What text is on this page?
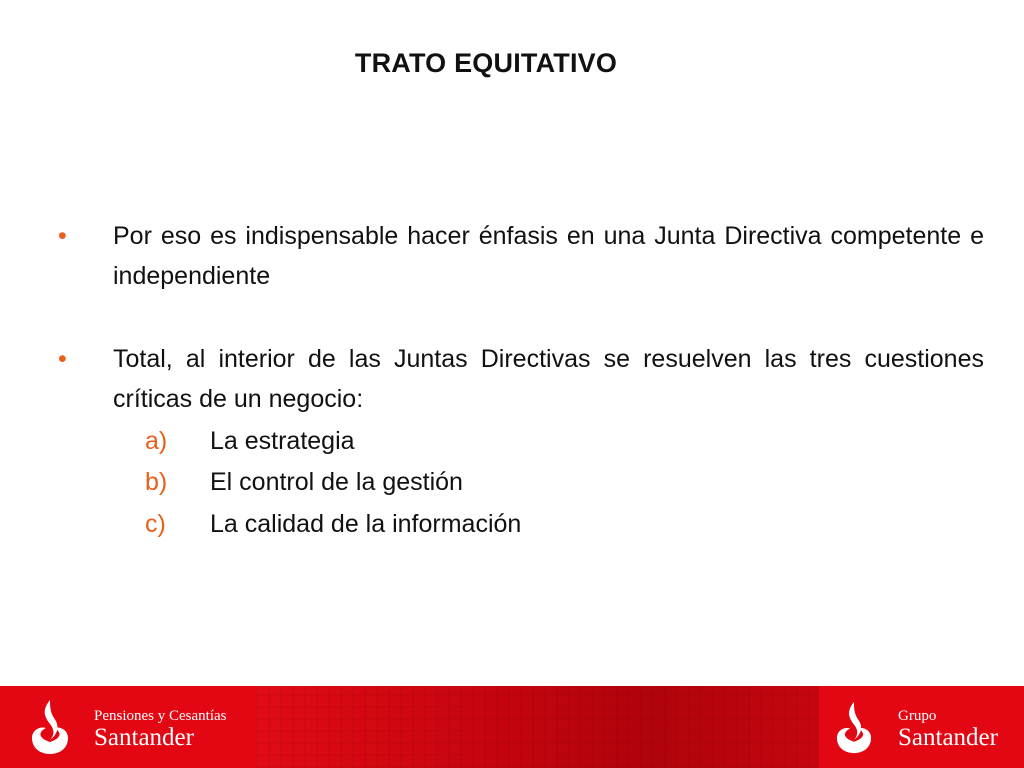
TRATO EQUITATIVO
• Por eso es indispensable hacer énfasis en una Junta Directiva competente e independiente
• Total, al interior de las Juntas Directivas se resuelven las tres cuestiones críticas de un negocio:
a) La estrategia
b) El control de la gestión
c) La calidad de la información
Pensiones y Cesantías
Santander
Grupo
Santander
